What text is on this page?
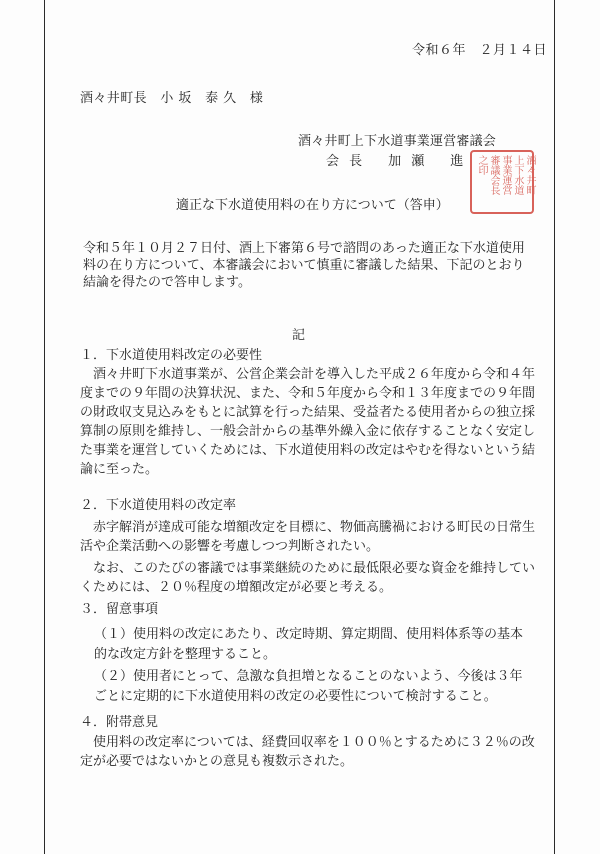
令和６年　２月１４日
酒々井町長　小 坂　泰 久　様
酒々井町上下水道事業運営審議会
会 長　　加 瀬　　進	酒々井町
上下水道
事業運営
審議会長
之印
適正な下水道使用料の在り方について（答申）

令和５年１０月２７日付、酒上下審第６号で諮問のあった適正な下水道使用料の在り方について、本審議会において慎重に審議した結果、下記のとおり結論を得たので答申します。

記

１．下水道使用料改定の必要性

　酒々井町下水道事業が、公営企業会計を導入した平成２６年度から令和４年度までの９年間の決算状況、また、令和５年度から令和１３年度までの９年間の財政収支見込みをもとに試算を行った結果、受益者たる使用者からの独立採算制の原則を維持し、一般会計からの基準外繰入金に依存することなく安定した事業を運営していくためには、下水道使用料の改定はやむを得ないという結論に至った。

２．下水道使用料の改定率

　赤字解消が達成可能な増額改定を目標に、物価高騰禍における町民の日常生活や企業活動への影響を考慮しつつ判断されたい。

　なお、このたびの審議では事業継続のために最低限必要な資金を維持していくためには、２０％程度の増額改定が必要と考える。

３．留意事項

（１）使用料の改定にあたり、改定時期、算定期間、使用料体系等の基本的な改定方針を整理すること。

（２）使用者にとって、急激な負担増となることのないよう、今後は３年ごとに定期的に下水道使用料の改定の必要性について検討すること。

４．附帯意見

　使用料の改定率については、経費回収率を１００％とするために３２％の改定が必要ではないかとの意見も複数示された。
